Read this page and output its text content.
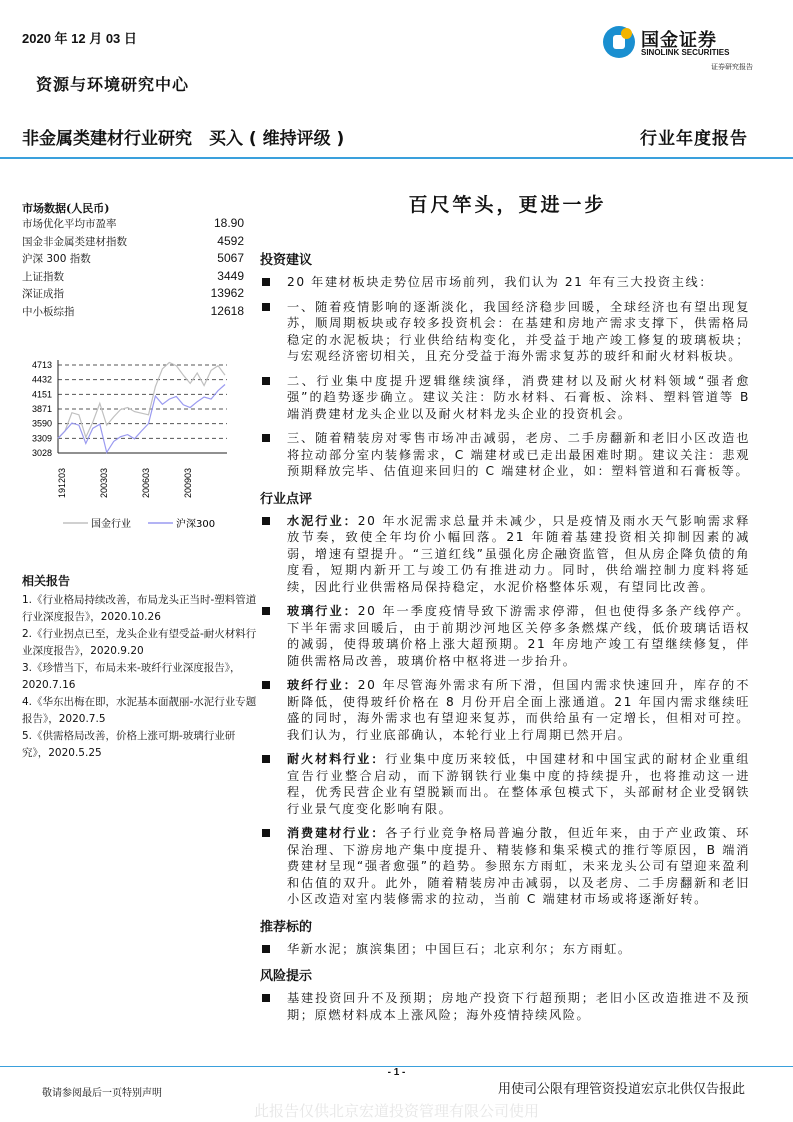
2020 年 12 月 03 日	国金证券
SINOLINK SECURITIES
证券研究报告
资源与环境研究中心
非金属类建材行业研究　买入 ( 维持评级 )	行业年度报告
市场数据(人民币)
市场优化平均市盈率	18.90
国金非金属类建材指数	4592
沪深 300 指数	5067
上证指数	3449
深证成指	13962
中小板综指	12618
4713
4432
4151
3871
3590
3309
3028
191203	200303	200603	200903
国金行业	沪深300
相关报告
1.《行业格局持续改善，布局龙头正当时-塑料管道行业深度报告》，2020.10.26
2.《行业拐点已至，龙头企业有望受益-耐火材料行业深度报告》，2020.9.20
3.《珍惜当下，布局未来-玻纤行业深度报告》，2020.7.16
4.《华东出梅在即，水泥基本面靓丽-水泥行业专题报告》，2020.7.5
5.《供需格局改善，价格上涨可期-玻璃行业研究》，2020.5.25
百尺竿头，更进一步
投资建议
20 年建材板块走势位居市场前列，我们认为 21 年有三大投资主线：
一、随着疫情影响的逐渐淡化，我国经济稳步回暖，全球经济也有望出现复苏，顺周期板块或存较多投资机会：在基建和房地产需求支撑下，供需格局稳定的水泥板块；行业供给结构变化，并受益于地产竣工修复的玻璃板块；与宏观经济密切相关，且充分受益于海外需求复苏的玻纤和耐火材料板块。
二、行业集中度提升逻辑继续演绎，消费建材以及耐火材料领域“强者愈强”的趋势逐步确立。建议关注：防水材料、石膏板、涂料、塑料管道等 B 端消费建材龙头企业以及耐火材料龙头企业的投资机会。
三、随着精装房对零售市场冲击减弱，老房、二手房翻新和老旧小区改造也将拉动部分室内装修需求，C 端建材或已走出最困难时期。建议关注：悲观预期释放完毕、估值迎来回归的 C 端建材企业，如：塑料管道和石膏板等。
行业点评
水泥行业：20 年水泥需求总量并未减少，只是疫情及雨水天气影响需求释放节奏，致使全年均价小幅回落。21 年随着基建投资相关抑制因素的减弱，增速有望提升。“三道红线”虽强化房企融资监管，但从房企降负债的角度看，短期内新开工与竣工仍有推进动力。同时，供给端控制力度料将延续，因此行业供需格局保持稳定，水泥价格整体乐观，有望同比改善。
玻璃行业：20 年一季度疫情导致下游需求停滞，但也使得多条产线停产。下半年需求回暖后，由于前期沙河地区关停多条燃煤产线，低价玻璃话语权的减弱，使得玻璃价格上涨大超预期。21 年房地产竣工有望继续修复，伴随供需格局改善，玻璃价格中枢将进一步抬升。
玻纤行业：20 年尽管海外需求有所下滑，但国内需求快速回升，库存的不断降低，使得玻纤价格在 8 月份开启全面上涨通道。21 年国内需求继续旺盛的同时，海外需求也有望迎来复苏，而供给虽有一定增长，但相对可控。我们认为，行业底部确认，本轮行业上行周期已然开启。
耐火材料行业：行业集中度历来较低，中国建材和中国宝武的耐材企业重组宣告行业整合启动，而下游钢铁行业集中度的持续提升，也将推动这一进程，优秀民营企业有望脱颖而出。在整体承包模式下，头部耐材企业受钢铁行业景气度变化影响有限。
消费建材行业：各子行业竞争格局普遍分散，但近年来，由于产业政策、环保治理、下游房地产集中度提升、精装修和集采模式的推行等原因，B 端消费建材呈现“强者愈强”的趋势。参照东方雨虹，未来龙头公司有望迎来盈利和估值的双升。此外，随着精装房冲击减弱，以及老房、二手房翻新和老旧小区改造对室内装修需求的拉动，当前 C 端建材市场或将逐渐好转。
推荐标的
华新水泥；旗滨集团；中国巨石；北京利尔；东方雨虹。
风险提示
基建投资回升不及预期；房地产投资下行超预期；老旧小区改造推进不及预期；原燃材料成本上涨风险；海外疫情持续风险。
- 1 -
敬请参阅最后一页特别声明	用使司公限有理管资投道宏京北供仅告报此
此报告仅供北京宏道投资管理有限公司使用
